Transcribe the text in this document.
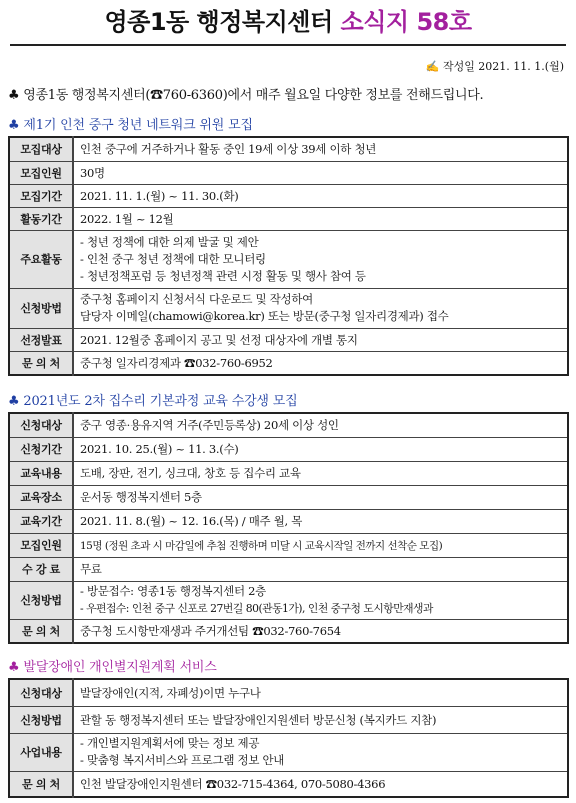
영종1동 행정복지센터 소식지 58호
✍ 작성일 2021. 11. 1.(월)
♣ 영종1동 행정복지센터(☎760-6360)에서 매주 월요일 다양한 정보를 전해드립니다.
♣ 제1기 인천 중구 청년 네트워크 위원 모집
모집대상	인천 중구에 거주하거나 활동 중인 19세 이상 39세 이하 청년
모집인원	30명
모집기간	2021. 11. 1.(월) ~ 11. 30.(화)
활동기간	2022. 1월 ~ 12월
주요활동	- 청년 정책에 대한 의제 발굴 및 제안
- 인천 중구 청년 정책에 대한 모니터링
- 청년정책포럼 등 청년정책 관련 시정 활동 및 행사 참여 등

신청방법	중구청 홈페이지 신청서식 다운로드 및 작성하여
담당자 이메일(chamowi@korea.kr) 또는 방문(중구청 일자리경제과) 접수

선정발표	2021. 12월중 홈페이지 공고 및 선정 대상자에 개별 통지
문 의 처	중구청 일자리경제과 ☎032-760-6952
♣ 2021년도 2차 집수리 기본과정 교육 수강생 모집
신청대상	중구 영종·용유지역 거주(주민등록상) 20세 이상 성인
신청기간	2021. 10. 25.(월) ~ 11. 3.(수)
교육내용	도배, 장판, 전기, 싱크대, 창호 등 집수리 교육
교육장소	운서동 행정복지센터 5층
교육기간	2021. 11. 8.(월) ~ 12. 16.(목) / 매주 월, 목
모집인원	15명 (정원 초과 시 마감일에 추첨 진행하며 미달 시 교육시작일 전까지 선착순 모집)
수 강 료	무료
신청방법	- 방문접수: 영종1동 행정복지센터 2층
- 우편접수: 인천 중구 신포로 27번길 80(관동1가), 인천 중구청 도시항만재생과

문 의 처	중구청 도시항만재생과 주거개선팀 ☎032-760-7654
♣ 발달장애인 개인별지원계획 서비스
신청대상	발달장애인(지적, 자폐성)이면 누구나
신청방법	관할 동 행정복지센터 또는 발달장애인지원센터 방문신청 (복지카드 지참)
사업내용	- 개인별지원계획서에 맞는 정보 제공
- 맞춤형 복지서비스와 프로그램 정보 안내

문 의 처	인천 발달장애인지원센터 ☎032-715-4364, 070-5080-4366
